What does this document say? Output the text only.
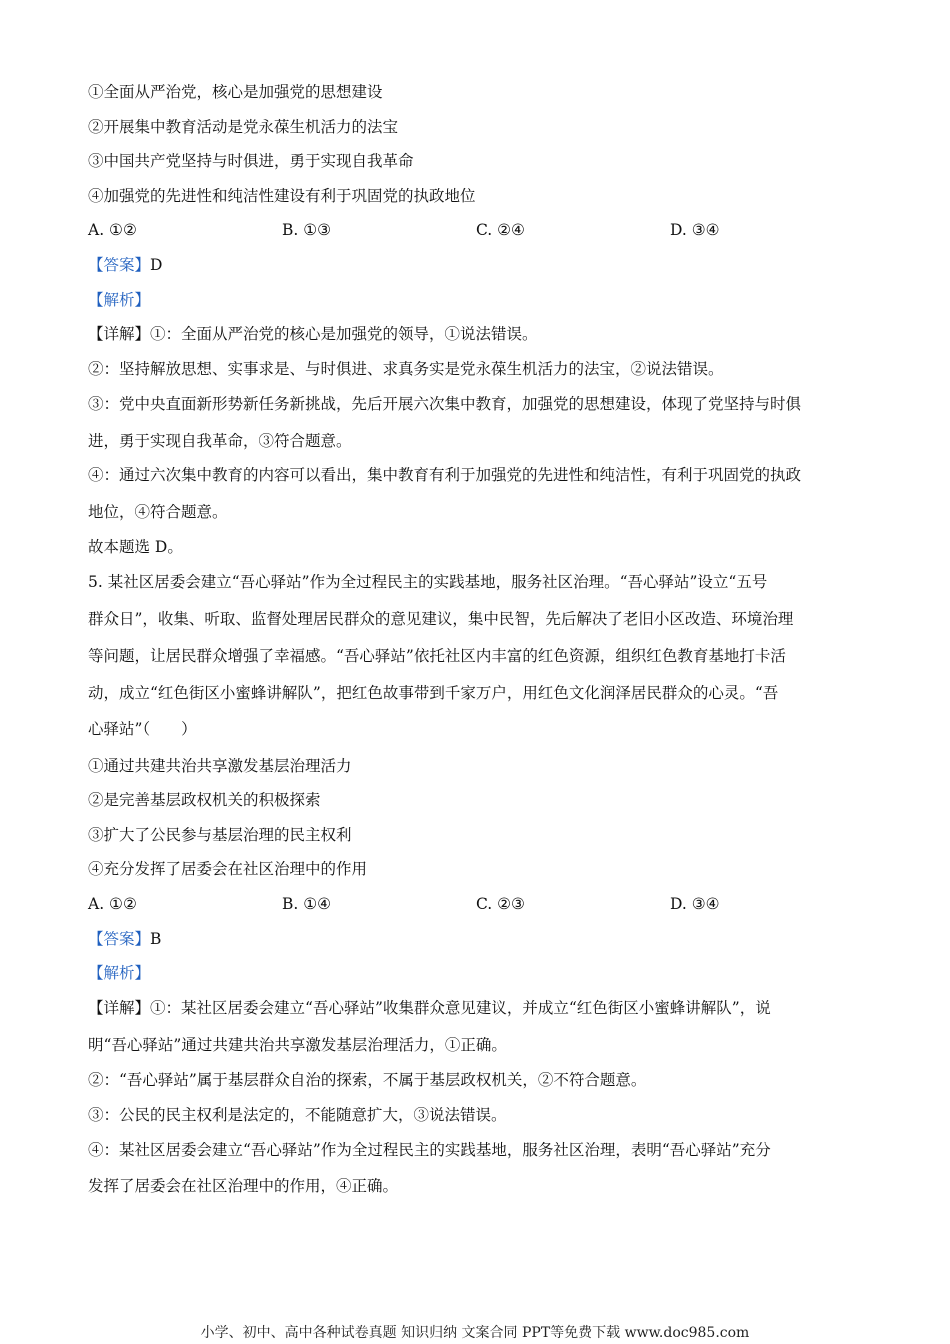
①全面从严治党，核心是加强党的思想建设
②开展集中教育活动是党永葆生机活力的法宝
③中国共产党坚持与时俱进，勇于实现自我革命
④加强党的先进性和纯洁性建设有利于巩固党的执政地位
A. ①②	B. ①③	C. ②④	D. ③④
【答案】D
【解析】
【详解】①：全面从严治党的核心是加强党的领导，①说法错误。
②：坚持解放思想、实事求是、与时俱进、求真务实是党永葆生机活力的法宝，②说法错误。
③：党中央直面新形势新任务新挑战，先后开展六次集中教育，加强党的思想建设，体现了党坚持与时俱
进，勇于实现自我革命，③符合题意。
④：通过六次集中教育的内容可以看出，集中教育有利于加强党的先进性和纯洁性，有利于巩固党的执政
地位，④符合题意。
故本题选 D。
5. 某社区居委会建立“吾心驿站”作为全过程民主的实践基地，服务社区治理。“吾心驿站”设立“五号
群众日”，收集、听取、监督处理居民群众的意见建议，集中民智，先后解决了老旧小区改造、环境治理
等问题，让居民群众增强了幸福感。“吾心驿站”依托社区内丰富的红色资源，组织红色教育基地打卡活
动，成立“红色街区小蜜蜂讲解队”，把红色故事带到千家万户，用红色文化润泽居民群众的心灵。“吾
心驿站”（　　）
①通过共建共治共享激发基层治理活力
②是完善基层政权机关的积极探索
③扩大了公民参与基层治理的民主权利
④充分发挥了居委会在社区治理中的作用
A. ①②	B. ①④	C. ②③	D. ③④
【答案】B
【解析】
【详解】①：某社区居委会建立“吾心驿站”收集群众意见建议，并成立“红色街区小蜜蜂讲解队”，说
明“吾心驿站”通过共建共治共享激发基层治理活力，①正确。
②：“吾心驿站”属于基层群众自治的探索，不属于基层政权机关，②不符合题意。
③：公民的民主权利是法定的，不能随意扩大，③说法错误。
④：某社区居委会建立“吾心驿站”作为全过程民主的实践基地，服务社区治理，表明“吾心驿站”充分
发挥了居委会在社区治理中的作用，④正确。
小学、初中、高中各种试卷真题 知识归纳 文案合同 PPT等免费下载 www.doc985.com
